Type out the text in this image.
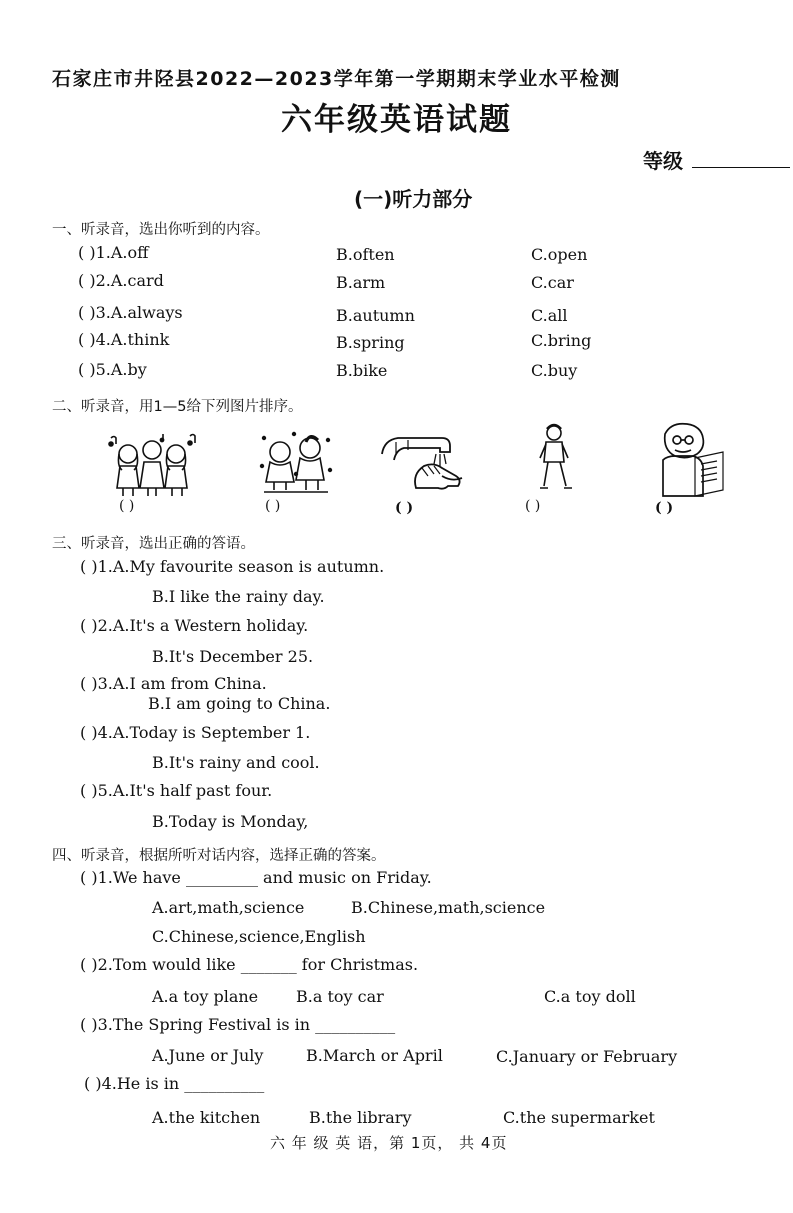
石家庄市井陉县2022—2023学年第一学期期末学业水平检测
六年级英语试题
等级
(一)听力部分
一、听录音，选出你听到的内容。
( )1.A.off	B.often	C.open
( )2.A.card	B.arm	C.car
( )3.A.always	B.autumn	C.all
( )4.A.think	B.spring	C.bring
( )5.A.by	B.bike	C.buy
二、听录音，用1—5给下列图片排序。
( )	( )	( )	( )	( )
三、听录音，选出正确的答语。
( )1.A.My favourite season is autumn.
B.I like the rainy day.
( )2.A.It's a Western holiday.
B.It's December 25.
( )3.A.I am from China.
B.I am going to China.
( )4.A.Today is September 1.
B.It's rainy and cool.
( )5.A.It's half past four.
B.Today is Monday,
四、听录音，根据所听对话内容，选择正确的答案。
( )1.We have _________ and music on Friday.
A.art,math,science	B.Chinese,math,science
C.Chinese,science,English
( )2.Tom would like _______ for Christmas.
A.a toy plane B.a toy car	C.a toy doll
( )3.The Spring Festival is in __________
A.June or July	B.March or April	C.January or February
( )4.He is in __________
A.the kitchen	B.the library	C.the supermarket
六 年 级 英 语，第 1页， 共 4页
